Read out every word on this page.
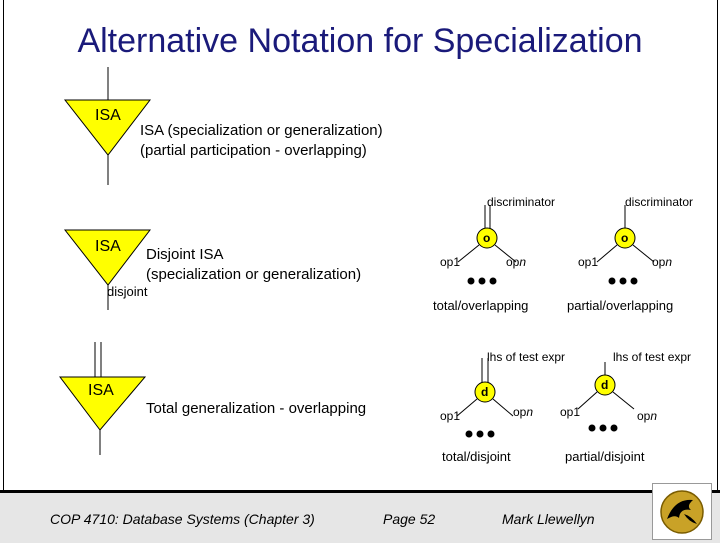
Alternative Notation for Specialization
ISA
ISA (specialization or generalization)
(partial participation - overlapping)
ISA
disjoint
Disjoint ISA
(specialization or generalization)
ISA
Total generalization - overlapping
discriminator
o
op1	opn
total/overlapping
discriminator
o
op1	opn
partial/overlapping
lhs of test expr
d
op1	opn
total/disjoint
lhs of test expr
d
op1	opn
partial/disjoint
COP 4710: Database Systems (Chapter 3)	Page 52	Mark Llewellyn
